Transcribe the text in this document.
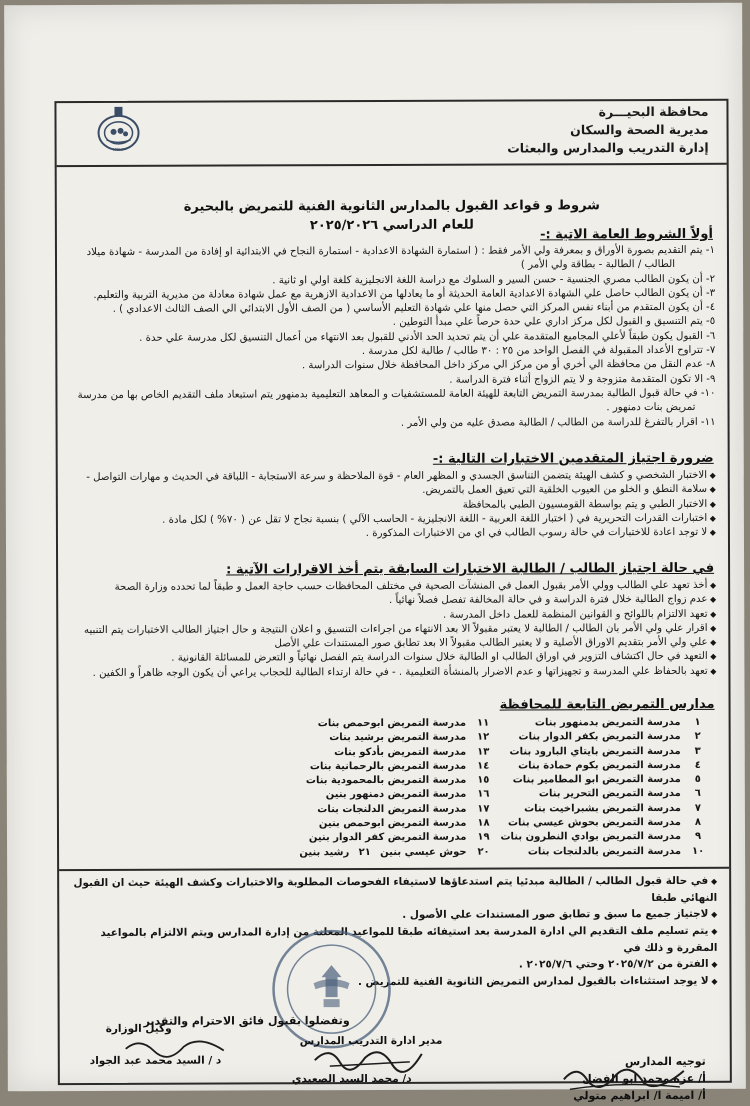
MOHP
محافظة البحيـــرة
مديرية الصحة والسكان
إدارة التدريب والمدارس والبعثات
شروط و قواعد القبول بالمدارس الثانوية الفنية للتمريض بالبحيرة
للعام الدراسي ٢٠٢٥/٢٠٢٦
أولاً الشروط العامة الاتية :-
١- يتم التقديم بصورة الأوراق و بمعرفة ولي الأمر فقط : ( استمارة الشهادة الاعدادية - استمارة النجاح في الابتدائية او إفادة من المدرسة - شهادة ميلاد
الطالب / الطالبة - بطاقة ولي الأمر )
٢- أن يكون الطالب مصري الجنسية - حسن السير و السلوك مع دراسة اللغة الانجليزية كلغة اولي او ثانية .
٣- أن يكون الطالب حاصل علي الشهادة الاعدادية العامة الحديثة أو ما يعادلها من الاعدادية الازهرية مع عمل شهادة معادلة من مديرية التربية والتعليم.
٤- أن يكون المتقدم من أبناء نفس المركز التي حصل منها علي شهادة التعليم الأساسي ( من الصف الأول الابتدائي الي الصف الثالث الاعدادي ) .
٥- يتم التنسيق و القبول لكل مركز اداري علي حدة حرصاً علي مبدأ التوطين .
٦- القبول يكون طبقاً لأعلي المجاميع المتقدمة علي أن يتم تحديد الحد الأدني للقبول بعد الانتهاء من أعمال التنسيق لكل مدرسة علي حدة .
٧- تتراوح الأعداد المقبولة في الفصل الواحد من ٢٥ : ٣٠ طالب / طالبة لكل مدرسة .
٨- عدم النقل من محافظة الي أخري أو من مركز الي مركز داخل المحافظة خلال سنوات الدراسة .
٩- الا تكون المتقدمة متزوجة و لا يتم الزواج أثناء فترة الدراسة .
١٠- في حالة قبول الطالبة بمدرسة التمريض التابعة للهيئة العامة للمستشفيات و المعاهد التعليمية بدمنهور يتم استبعاد ملف التقديم الخاص بها من مدرسة
تمريض بنات دمنهور .
١١- اقرار بالتفرغ للدراسة من الطالب / الطالبة مصدق عليه من ولي الأمر .
ضرورة اجتياز المتقدمين الاختبارات التالية :-
◆ الاختبار الشخصي و كشف الهيئة يتضمن التناسق الجسدي و المظهر العام - قوة الملاحظة و سرعة الاستجابة - اللباقة في الحديث و مهارات التواصل -
◆ سلامة النطق و الخلو من العيوب الخلقية التي تعيق العمل بالتمريض.
◆ الاختبار الطبي و يتم بواسطة القومسيون الطبي بالمحافظة
◆ اختبارات القدرات التحريرية في ( اختبار اللغة العربية - اللغة الانجليزية - الحاسب الآلي ) بنسبة نجاح لا تقل عن ( ٧٠% ) لكل مادة .
◆ لا توجد اعادة للاختبارات في حالة رسوب الطالب في اي من الاختبارات المذكورة .
في حالة اجتياز الطالب / الطالبة الاختبارات السابقة يتم أخذ الاقرارات الآتية :
◆ أخذ تعهد علي الطالب وولي الأمر بقبول العمل في المنشآت الصحية في مختلف المحافظات حسب حاجة العمل و طبقاً لما تحدده وزارة الصحة
◆ عدم زواج الطالبة خلال فترة الدراسة و في حالة المخالفة تفصل فصلاً نهائياً .
◆ تعهد الالتزام باللوائح و القوانين المنظمة للعمل داخل المدرسة .
◆ اقرار علي ولي الأمر بان الطالب / الطالبة لا يعتبر مقبولاً الا بعد الانتهاء من اجراءات التنسيق و اعلان النتيجة و حال اجتياز الطالب الاختبارات يتم التنبيه
◆ علي ولي الأمر بتقديم الاوراق الأصلية و لا يعتبر الطالب مقبولاً الا بعد تطابق صور المستندات علي الأصل
◆ التعهد في حال اكتشاف التزوير في اوراق الطالب او الطالبة خلال سنوات الدراسة يتم الفصل نهائياً و التعرض للمسائلة القانونية .
◆ تعهد بالحفاظ علي المدرسة و تجهيزاتها و عدم الاضرار بالمنشأة التعليمية . - في حالة ارتداء الطالبة للحجاب يراعي أن يكون الوجه ظاهراً و الكفين .
مدارس التمريض التابعة للمحافظة
١	مدرسة التمريض بدمنهور بنات	١١	مدرسة التمريض ابوحمص بنات
٢	مدرسة التمريض بكفر الدوار بنات	١٢	مدرسة التمريض برشيد بنات
٣	مدرسة التمريض بايتاي البارود بنات	١٣	مدرسة التمريض بأدكو بنات
٤	مدرسة التمريض بكوم حمادة بنات	١٤	مدرسة التمريض بالرحمانية بنات
٥	مدرسة التمريض ابو المطامير بنات	١٥	مدرسة التمريض بالمحمودية بنات
٦	مدرسة التمريض التحرير بنات	١٦	مدرسة التمريض دمنهور بنين
٧	مدرسة التمريض بشبراخيت بنات	١٧	مدرسة التمريض الدلنجات بنات
٨	مدرسة التمريض بحوش عيسي بنات	١٨	مدرسة التمريض ابوحمص بنين
٩	مدرسة التمريض بوادي النطرون بنات	١٩	مدرسة التمريض كفر الدوار بنين
١٠	مدرسة التمريض بالدلنجات بنات	٢٠	حوش عيسي بنين ٢١ رشيد بنين
◆ في حالة قبول الطالب / الطالبة مبدئيا يتم استدعاؤها لاستيفاء الفحوصات المطلوبة والاختبارات وكشف الهيئة حيث ان القبول النهائي طبقا
◆ لاجتياز جميع ما سبق و تطابق صور المستندات علي الأصول .
◆ يتم تسليم ملف التقديم الي ادارة المدرسة بعد استيفائه طبقا للمواعيد المعلنة من إدارة المدارس ويتم الالتزام بالمواعيد المقررة و ذلك في
◆ الفترة من ٢٠٢٥/٧/٢ وحتي ٢٠٢٥/٧/٦ .
◆ لا يوجد استثناءات بالقبول لمدارس التمريض الثانوية الفنية للتمريض .
وتفضلوا بقبول فائق الاحترام والتقدير
توجيه المدارس
أ/ عزة محمد ابو الفضل
أ/ اميمة ا/ ابراهيم متولي
مدير ادارة التدريب المدارس
د/ محمد السيد الصعيدي
وكيل الوزارة
د / السيد محمد عبد الجواد
